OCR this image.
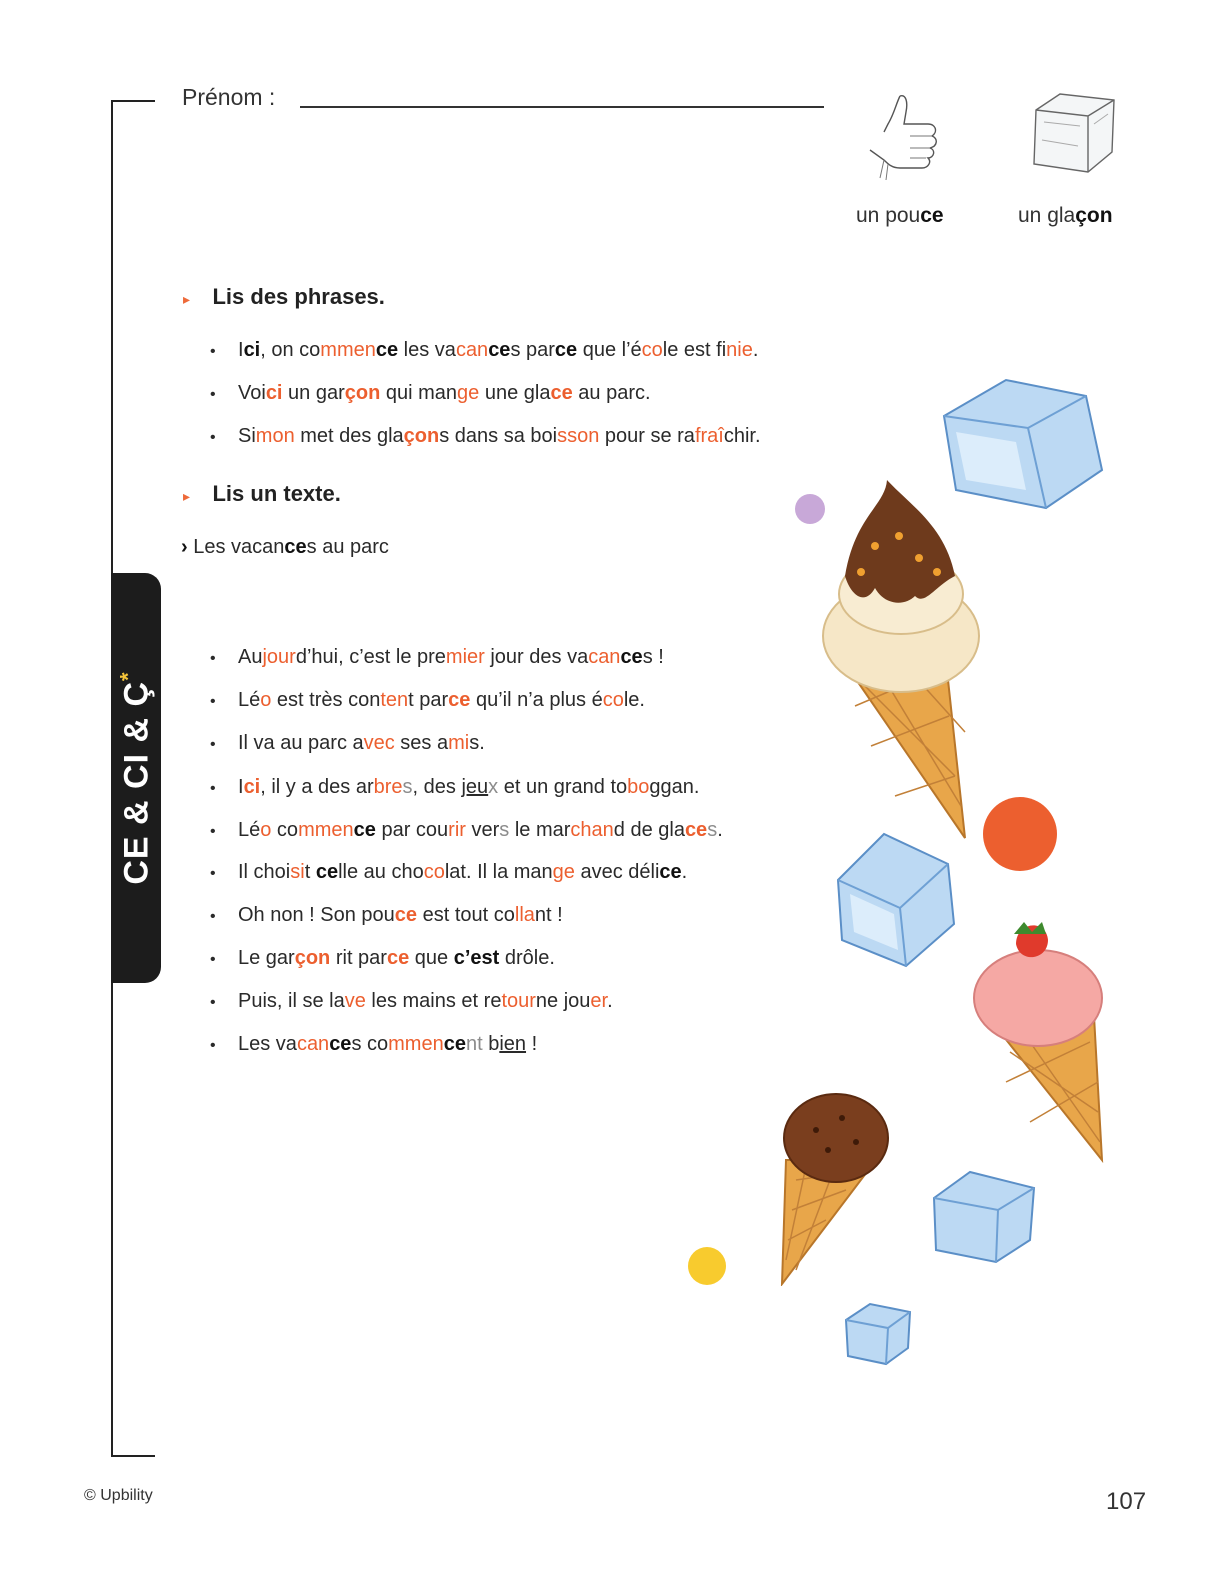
CE & CI & Ç*
Prénom :
un pouce	un glaçon
▸ Lis des phrases.
• Ici, on commence les vacances parce que l’école est finie.
• Voici un garçon qui mange une glace au parc.
• Simon met des glaçons dans sa boisson pour se rafraîchir.
▸ Lis un texte.
› Les vacances au parc
• Aujourd’hui, c’est le premier jour des vacances !
• Léo est très content parce qu’il n’a plus école.
• Il va au parc avec ses amis.
• Ici, il y a des arbres, des jeux et un grand toboggan.
• Léo commence par courir vers le marchand de glaces.
• Il choisit celle au chocolat. Il la mange avec délice.
• Oh non ! Son pouce est tout collant !
• Le garçon rit parce que c’est drôle.
• Puis, il se lave les mains et retourne jouer.
• Les vacances commencent bien !
© Upbility	107
